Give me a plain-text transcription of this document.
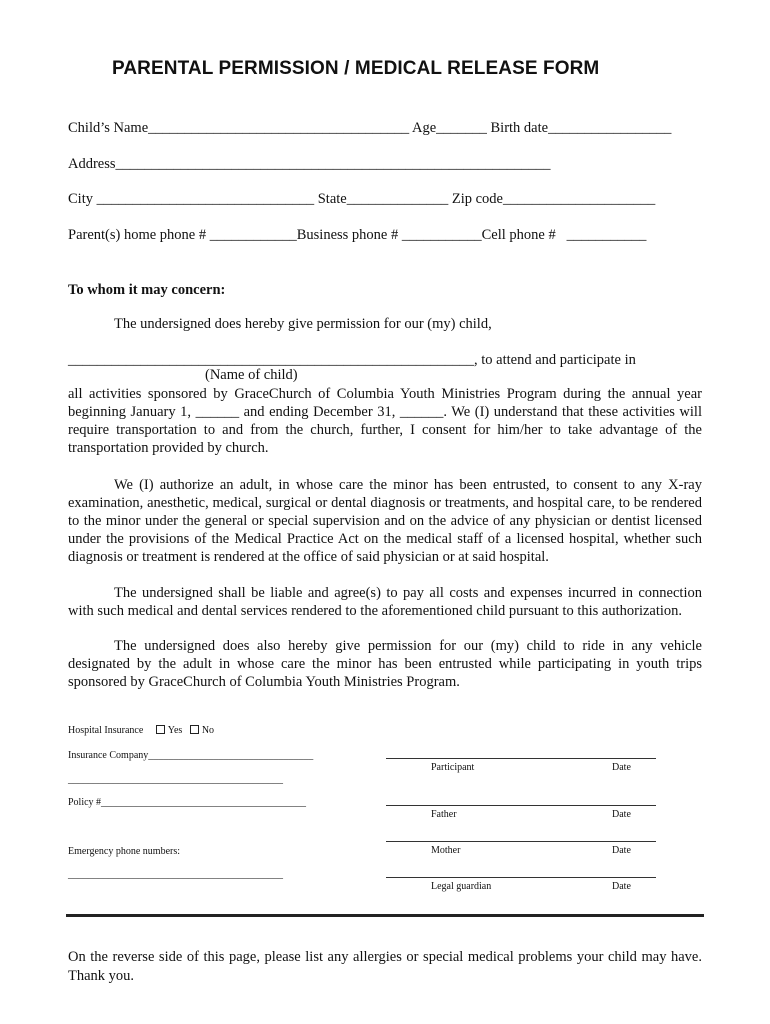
PARENTAL PERMISSION / MEDICAL RELEASE FORM
Child’s Name____________________________________ Age_______ Birth date_________________
Address____________________________________________________________
City ______________________________ State______________ Zip code_____________________
Parent(s) home phone # ____________Business phone # ___________Cell phone #   ___________
To whom it may concern:
The undersigned does hereby give permission for our (my) child,
________________________________________________________, to attend and participate in
(Name of child)
all activities sponsored by GraceChurch of Columbia Youth Ministries Program during the annual year beginning January 1, ______ and ending December 31, ______. We (I) understand that these activities will require transportation to and from the church, further, I consent for him/her to take advantage of the transportation provided by church.
We (I) authorize an adult, in whose care the minor has been entrusted, to consent to any X-ray examination, anesthetic, medical, surgical or dental diagnosis or treatments, and hospital care, to be rendered to the minor under the general or special supervision and on the advice of any physician or dentist licensed under the provisions of the Medical Practice Act on the medical staff of a licensed hospital, whether such diagnosis or treatment is rendered at the office of said physician or at said hospital.
The undersigned shall be liable and agree(s) to pay all costs and expenses incurred in connection with such medical and dental services rendered to the aforementioned child pursuant to this authorization.
The undersigned does also hereby give permission for our (my) child to ride in any vehicle designated by the adult in whose care the minor has been entrusted while participating in youth trips sponsored by GraceChurch of Columbia Youth Ministries Program.
Hospital Insurance Yes No
Insurance Company_________________________________
___________________________________________
Policy #_________________________________________
Emergency phone numbers:
___________________________________________
Participant	Date
Father	Date
Mother	Date
Legal guardian	Date
On the reverse side of this page, please list any allergies or special medical problems your child may have. Thank you.
